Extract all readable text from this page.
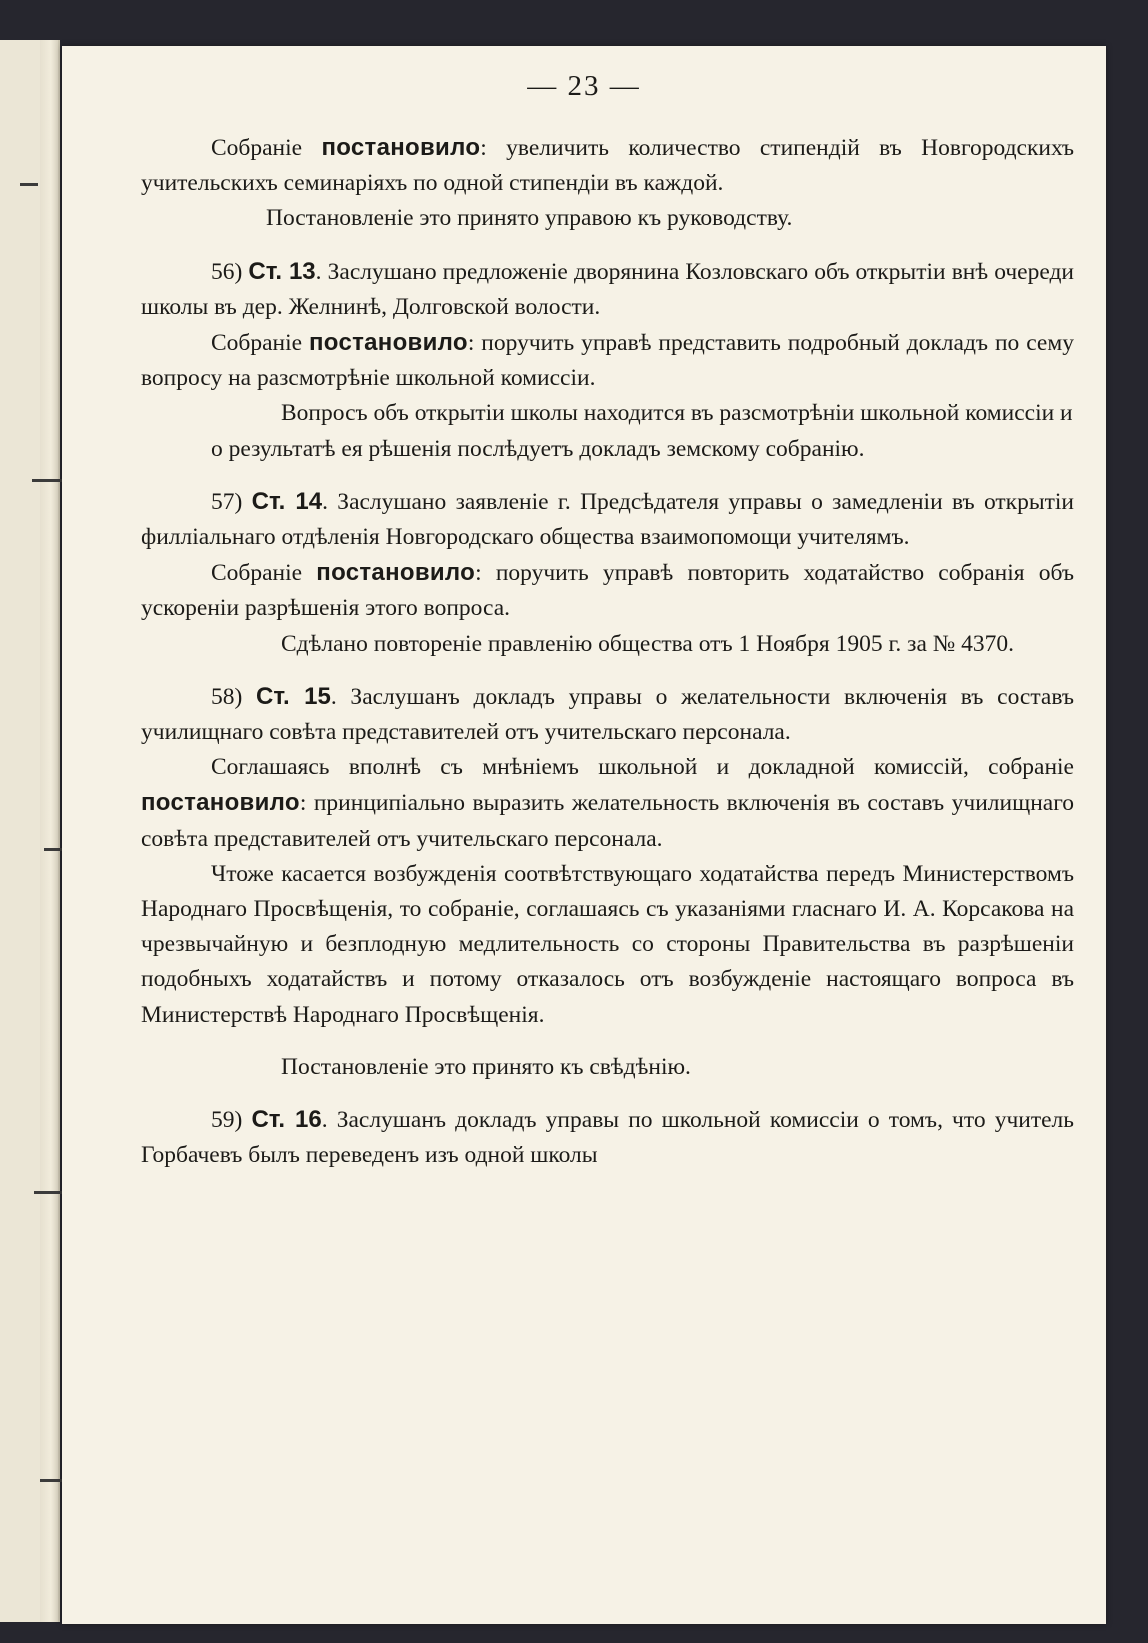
— 23 —

Собраніе постановило: увеличить количество стипендій въ Новгородскихъ учительскихъ семинаріяхъ по одной стипендіи въ каждой.

Постановленіе это принято управою къ руководству.

56) Ст. 13. Заслушано предложеніе дворянина Козловскаго объ открытіи внѣ очереди школы въ дер. Желнинѣ, Долговской волости.

Собраніе постановило: поручить управѣ представить подробный докладъ по сему вопросу на разсмотрѣніе школьной комиссіи.

Вопросъ объ открытіи школы находится въ разсмотрѣніи школьной комиссіи и о результатѣ ея рѣшенія послѣдуетъ докладъ земскому собранію.

57) Ст. 14. Заслушано заявленіе г. Предсѣдателя управы о замедленіи въ открытіи филліальнаго отдѣленія Новгородскаго общества взаимопомощи учителямъ.

Собраніе постановило: поручить управѣ повторить ходатайство собранія объ ускореніи разрѣшенія этого вопроса.

Сдѣлано повтореніе правленію общества отъ 1 Ноября 1905 г. за № 4370.

58) Ст. 15. Заслушанъ докладъ управы о желательности включенія въ составъ училищнаго совѣта представителей отъ учительскаго персонала.

Соглашаясь вполнѣ съ мнѣніемъ школьной и докладной комиссій, собраніе постановило: принципіально выразить желательность включенія въ составъ училищнаго совѣта представителей отъ учительскаго персонала.

Чтоже касается возбужденія соотвѣтствующаго ходатайства передъ Министерствомъ Народнаго Просвѣщенія, то собраніе, соглашаясь съ указаніями гласнаго И. А. Корсакова на чрезвычайную и безплодную медлительность со стороны Правительства въ разрѣшеніи подобныхъ ходатайствъ и потому отказалось отъ возбужденіе настоящаго вопроса въ Министерствѣ Народнаго Просвѣщенія.

Постановленіе это принято къ свѣдѣнію.

59) Ст. 16. Заслушанъ докладъ управы по школьной комиссіи о томъ, что учитель Горбачевъ былъ переведенъ изъ одной школы
